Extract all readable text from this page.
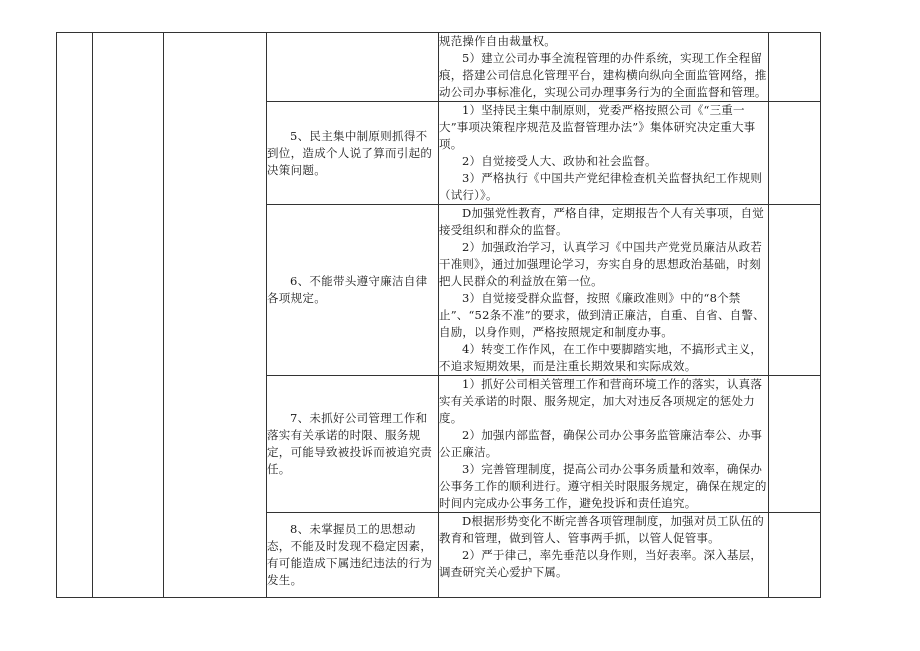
				规范操作自由裁量权。

5）建立公司办事全流程管理的办件系统，实现工作全程留痕，搭建公司信息化管理平台，建构横向纵向全面监管网络，推动公司办事标准化，实现公司办理事务行为的全面监督和管理。	

			5、民主集中制原则抓得不到位，造成个人说了算而引起的决策问题。	1）坚持民主集中制原则，党委严格按照公司《“三重一大”事项决策程序规范及监督管理办法”》集体研究决定重大事项。

2）自觉接受人大、政协和社会监督。

3）严格执行《中国共产党纪律检查机关监督执纪工作规则（试行）》。	

			6、不能带头遵守廉洁自律各项规定。	D加强党性教育，严格自律，定期报告个人有关事项，自觉接受组织和群众的监督。

2）加强政治学习，认真学习《中国共产党党员廉洁从政若干准则》，通过加强理论学习，夯实自身的思想政治基础，时刻把人民群众的利益放在第一位。

3）自觉接受群众监督，按照《廉政准则》中的“8个禁止”、“52条不准”的要求，做到清正廉洁，自重、自省、自警、自励，以身作则，严格按照规定和制度办事。

4）转变工作作风，在工作中要脚踏实地，不搞形式主义，不追求短期效果，而是注重长期效果和实际成效。	

			7、未抓好公司管理工作和落实有关承诺的时限、服务规定，可能导致被投诉而被追究责任。	1）抓好公司相关管理工作和营商环境工作的落实，认真落实有关承诺的时限、服务规定，加大对违反各项规定的惩处力度。

2）加强内部监督，确保公司办公事务监管廉洁奉公、办事公正廉洁。

3）完善管理制度，提高公司办公事务质量和效率，确保办公事务工作的顺利进行。遵守相关时限服务规定，确保在规定的时间内完成办公事务工作，避免投诉和责任追究。	

			8、未掌握员工的思想动态，不能及时发现不稳定因素，有可能造成下属违纪违法的行为发生。	D根据形势变化不断完善各项管理制度，加强对员工队伍的教育和管理，做到管人、管事两手抓，以管人促管事。

2）严于律己，率先垂范以身作则，当好表率。深入基层，调查研究关心爱护下属。	
